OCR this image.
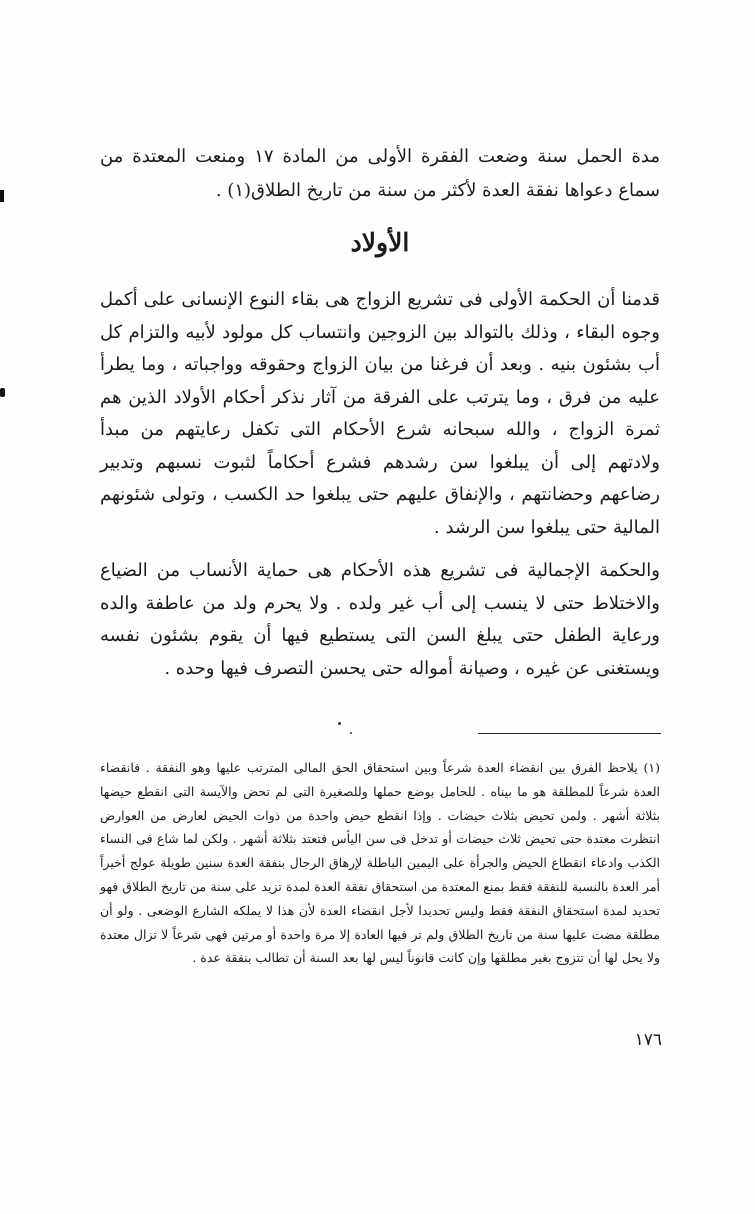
مدة الحمل سنة وضعت الفقرة الأولى من المادة ١٧ ومنعت المعتدة من سماع دعواها نفقة العدة لأكثر من سنة من تاريخ الطلاق(١) .

الأولاد

قدمنا أن الحكمة الأولى فى تشريع الزواج هى بقاء النوع الإنسانى على أكمل وجوه البقاء ، وذلك بالتوالد بين الزوجين وانتساب كل مولود لأبيه والتزام كل أب بشئون بنيه . وبعد أن فرغنا من بيان الزواج وحقوقه وواجباته ، وما يطرأ عليه من فرق ، وما يترتب على الفرقة من آثار نذكر أحكام الأولاد الذين هم ثمرة الزواج ، والله سبحانه شرع الأحكام التى تكفل رعايتهم من مبدأ ولادتهم إلى أن يبلغوا سن رشدهم فشرع أحكاماً لثبوت نسبهم وتدبير رضاعهم وحضانتهم ، والإنفاق عليهم حتى يبلغوا حد الكسب ، وتولى شئونهم المالية حتى يبلغوا سن الرشد .

والحكمة الإجمالية فى تشريع هذه الأحكام هى حماية الأنساب من الضياع والاختلاط حتى لا ينسب إلى أب غير ولده . ولا يحرم ولد من عاطفة والده ورعاية الطفل حتى يبلغ السن التى يستطيع فيها أن يقوم بشئون نفسه ويستغنى عن غيره ، وصيانة أمواله حتى يحسن التصرف فيها وحده .

(١) يلاحظ الفرق بين انقضاء العدة شرعاً وبين استحقاق الحق المالى المترتب عليها وهو النفقة . فانقضاء العدة شرعاً للمطلقة هو ما بيناه . للحامل بوضع حملها وللصغيرة التى لم تحض والآيسة التى انقطع حيضها بثلاثة أشهر . ولمن تحيض بثلاث حيضات . وإذا انقطع حيض واحدة من ذوات الحيض لعارض من العوارض انتظرت معتدة حتى تحيض ثلاث حيضات أو تدخل فى سن اليأس فتعتد بثلاثة أشهر . ولكن لما شاع فى النساء الكذب وادعاء انقطاع الحيض والجرأة على اليمين الباطلة لإرهاق الرجال بنفقة العدة سنين طويلة عولج أخيراً أمر العدة بالنسبة للنفقة فقط بمنع المعتدة من استحقاق نفقة العدة لمدة تزيد على سنة من تاريخ الطلاق فهو تحديد لمدة استحقاق النفقة فقط وليس تحديدا لأجل انقضاء العدة لأن هذا لا يملكه الشارع الوضعى . ولو أن مطلقة مضت عليها سنة من تاريخ الطلاق ولم تر فيها العادة إلا مرة واحدة أو مرتين فهى شرعاً لا تزال معتدة ولا يحل لها أن تتزوج بغير مطلقها وإن كانت قانوناً ليس لها بعد السنة أن تطالب بنفقة عدة .

١٧٦
